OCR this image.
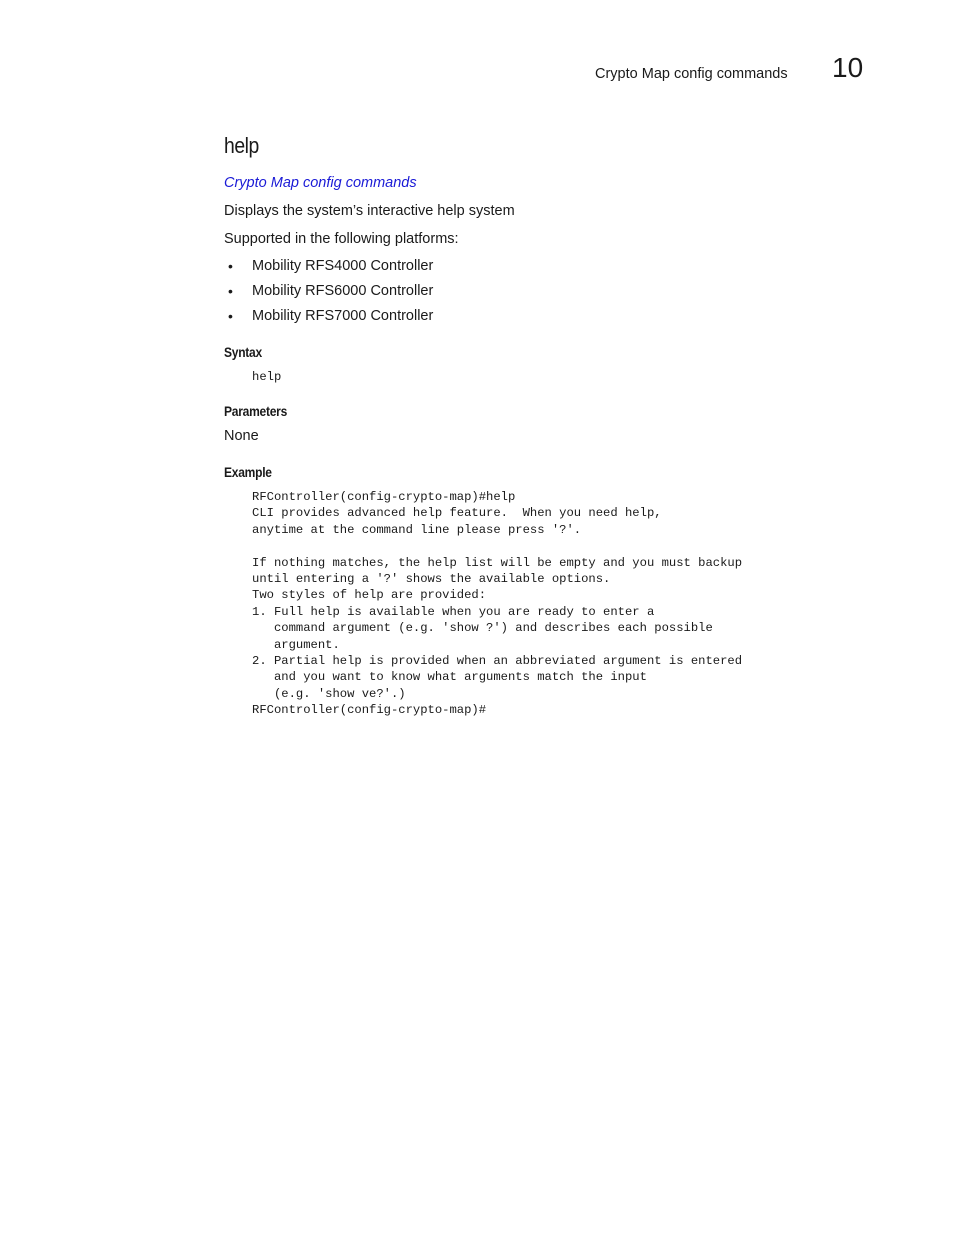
Crypto Map config commands 10
help
Crypto Map config commands

Displays the system’s interactive help system

Supported in the following platforms:

• Mobility RFS4000 Controller
• Mobility RFS6000 Controller
• Mobility RFS7000 Controller
Syntax
help
Parameters

None

Example
RFController(config-crypto-map)#help
CLI provides advanced help feature.  When you need help,
anytime at the command line please press '?'.

If nothing matches, the help list will be empty and you must backup
until entering a '?' shows the available options.
Two styles of help are provided:
1. Full help is available when you are ready to enter a
command argument (e.g. 'show ?') and describes each possible
argument.
2. Partial help is provided when an abbreviated argument is entered
and you want to know what arguments match the input
(e.g. 'show ve?'.)
RFController(config-crypto-map)#
